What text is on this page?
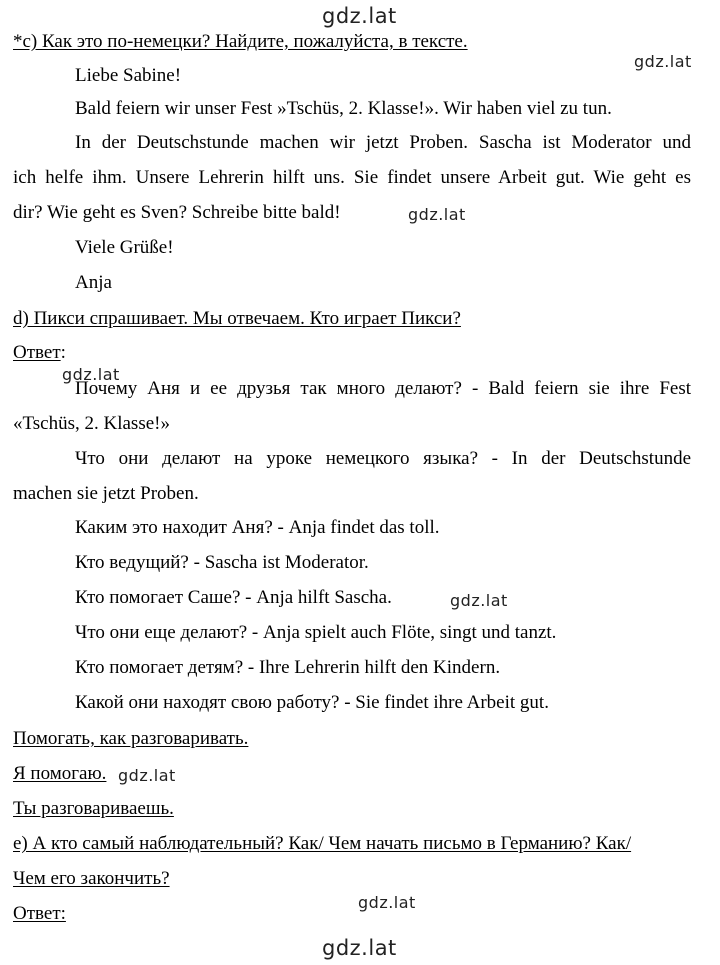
gdz.lat
gdz.lat
gdz.lat
gdz.lat
gdz.lat
gdz.lat
gdz.lat
gdz.lat
*c) Как это по-немецки? Найдите, пожалуйста, в тексте.
Liebe Sabine!
Bald feiern wir unser Fest »Tschüs, 2. Klasse!». Wir haben viel zu tun.
In der Deutschstunde machen wir jetzt Proben. Sascha ist Moderator und
ich helfe ihm. Unsere Lehrerin hilft uns. Sie findet unsere Arbeit gut. Wie geht es
dir? Wie geht es Sven? Schreibe bitte bald!
Viele Grüße!
Anja
d) Пикси спрашивает. Мы отвечаем. Кто играет Пикси?
Ответ:
Почему Аня и ее друзья так много делают? - Bald feiern sie ihre Fest
«Tschüs, 2. Klasse!»
Что они делают на уроке немецкого языка? - In der Deutschstunde
machen sie jetzt Proben.
Каким это находит Аня? - Anja findet das toll.
Кто ведущий? - Sascha ist Moderator.
Кто помогает Саше? - Anja hilft Sascha.
Что они еще делают? - Anja spielt auch Flöte, singt und tanzt.
Кто помогает детям? - Ihre Lehrerin hilft den Kindern.
Какой они находят свою работу? - Sie findet ihre Arbeit gut.
Помогать, как разговаривать.
Я помогаю.
Ты разговариваешь.
e) А кто самый наблюдательный? Как/ Чем начать письмо в Германию? Как/
Чем его закончить?
Ответ:
